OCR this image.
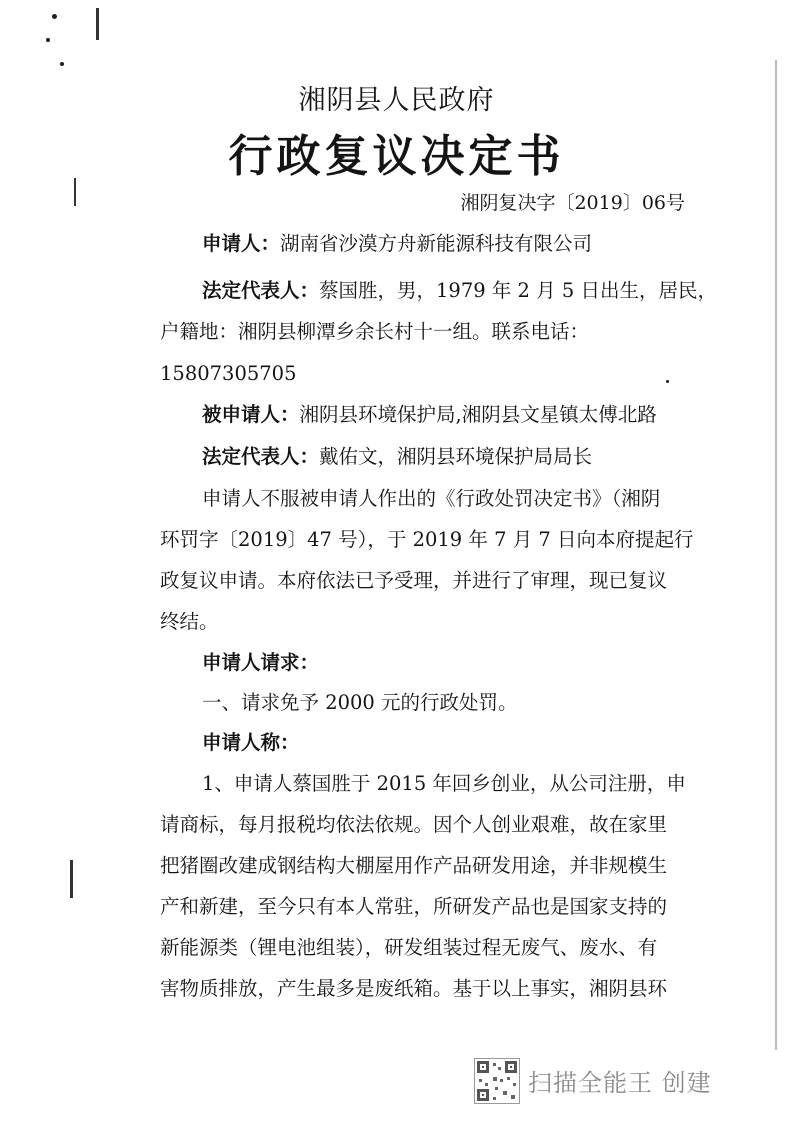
湘阴县人民政府
行政复议决定书
湘阴复决字〔2019〕06号
申请人：湖南省沙漠方舟新能源科技有限公司
法定代表人：蔡国胜，男，1979 年 2 月 5 日出生，居民，
户籍地：湘阴县柳潭乡余长村十一组。联系电话：
15807305705
被申请人：湘阴县环境保护局,湘阴县文星镇太傅北路
法定代表人：戴佑文，湘阴县环境保护局局长
申请人不服被申请人作出的《行政处罚决定书》（湘阴
环罚字〔2019〕47 号），于 2019 年 7 月 7 日向本府提起行
政复议申请。本府依法已予受理，并进行了审理，现已复议
终结。
申请人请求：
一、请求免予 2000 元的行政处罚。
申请人称：
1、申请人蔡国胜于 2015 年回乡创业，从公司注册，申
请商标，每月报税均依法依规。因个人创业艰难，故在家里
把猪圈改建成钢结构大棚屋用作产品研发用途，并非规模生
产和新建，至今只有本人常驻，所研发产品也是国家支持的
新能源类（锂电池组装），研发组装过程无废气、废水、有
害物质排放，产生最多是废纸箱。基于以上事实，湘阴县环
扫描全能王 创建
